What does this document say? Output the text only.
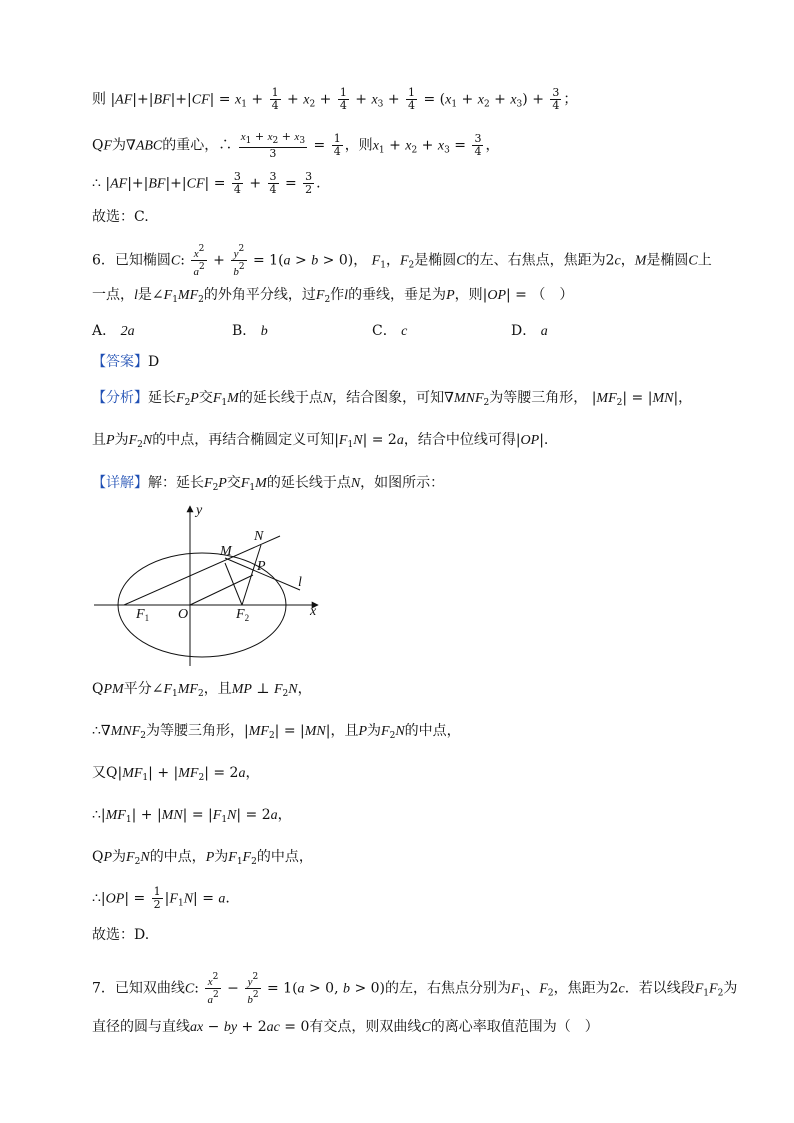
则 $|AF|+|BF|+|CF| = x_1 + \frac{1}{4} + x_2 + \frac{1}{4} + x_3 + \frac{1}{4} = (x_1 + x_2 + x_3) + \frac{3}{4}$ ；
QF为∇ABC的重心，∴ $\frac{x_1 + x_2 + x_3}{3} = \frac{1}{4}$ ，则$x_1 + x_2 + x_3 = \frac{3}{4}$ ，
∴ $|AF|+|BF|+|CF| = \frac{3}{4} + \frac{3}{4} = \frac{3}{2}$ .
故选：C.
6．已知椭圆C: $\frac{x^2}{a^2} + \frac{y^2}{b^2} = 1(a > b > 0)$， $F_1$，$F_2$是椭圆C的左、右焦点，焦距为2c，M是椭圆C上
一点，l是$\angle F_1MF_2$的外角平分线，过$F_2$作l的垂线，垂足为P，则|OP| = （　）
A． 2a	B． b	C． c	D． a
【答案】D
【分析】延长$F_2P$交$F_1M$的延长线于点N，结合图象，可知$\nabla MNF_2$为等腰三角形， $|MF_2| = |MN|$，
且P为$F_2N$的中点，再结合椭圆定义可知$|F_1N| = 2a$，结合中位线可得|OP|.
【详解】解：延长$F_2P$交$F_1M$的延长线于点N，如图所示：
y
x
N
M
P
l
O
$F_1$	$F_2$
QPM平分$\angle F_1MF_2$，且MP ⊥ $F_2N$，
$\therefore\nabla MNF_2$为等腰三角形，$|MF_2| = |MN|$，且P为$F_2N$的中点，
又$Q|MF_1| + |MF_2| = 2a$，
$\therefore|MF_1| + |MN| = |F_1N| = 2a$，
QP为$F_2N$的中点，P为$F_1F_2$的中点，
∴|OP| = $\frac{1}{2} |F_1N| = a$.
故选：D.
7．已知双曲线C: $\frac{x^2}{a^2} - \frac{y^2}{b^2} = 1(a > 0$, b > 0)的左，右焦点分别为$F_1$、$F_2$，焦距为2c．若以线段$F_1F_2$为
直径的圆与直线ax − by + 2ac = 0有交点，则双曲线C的离心率取值范围为（　）
